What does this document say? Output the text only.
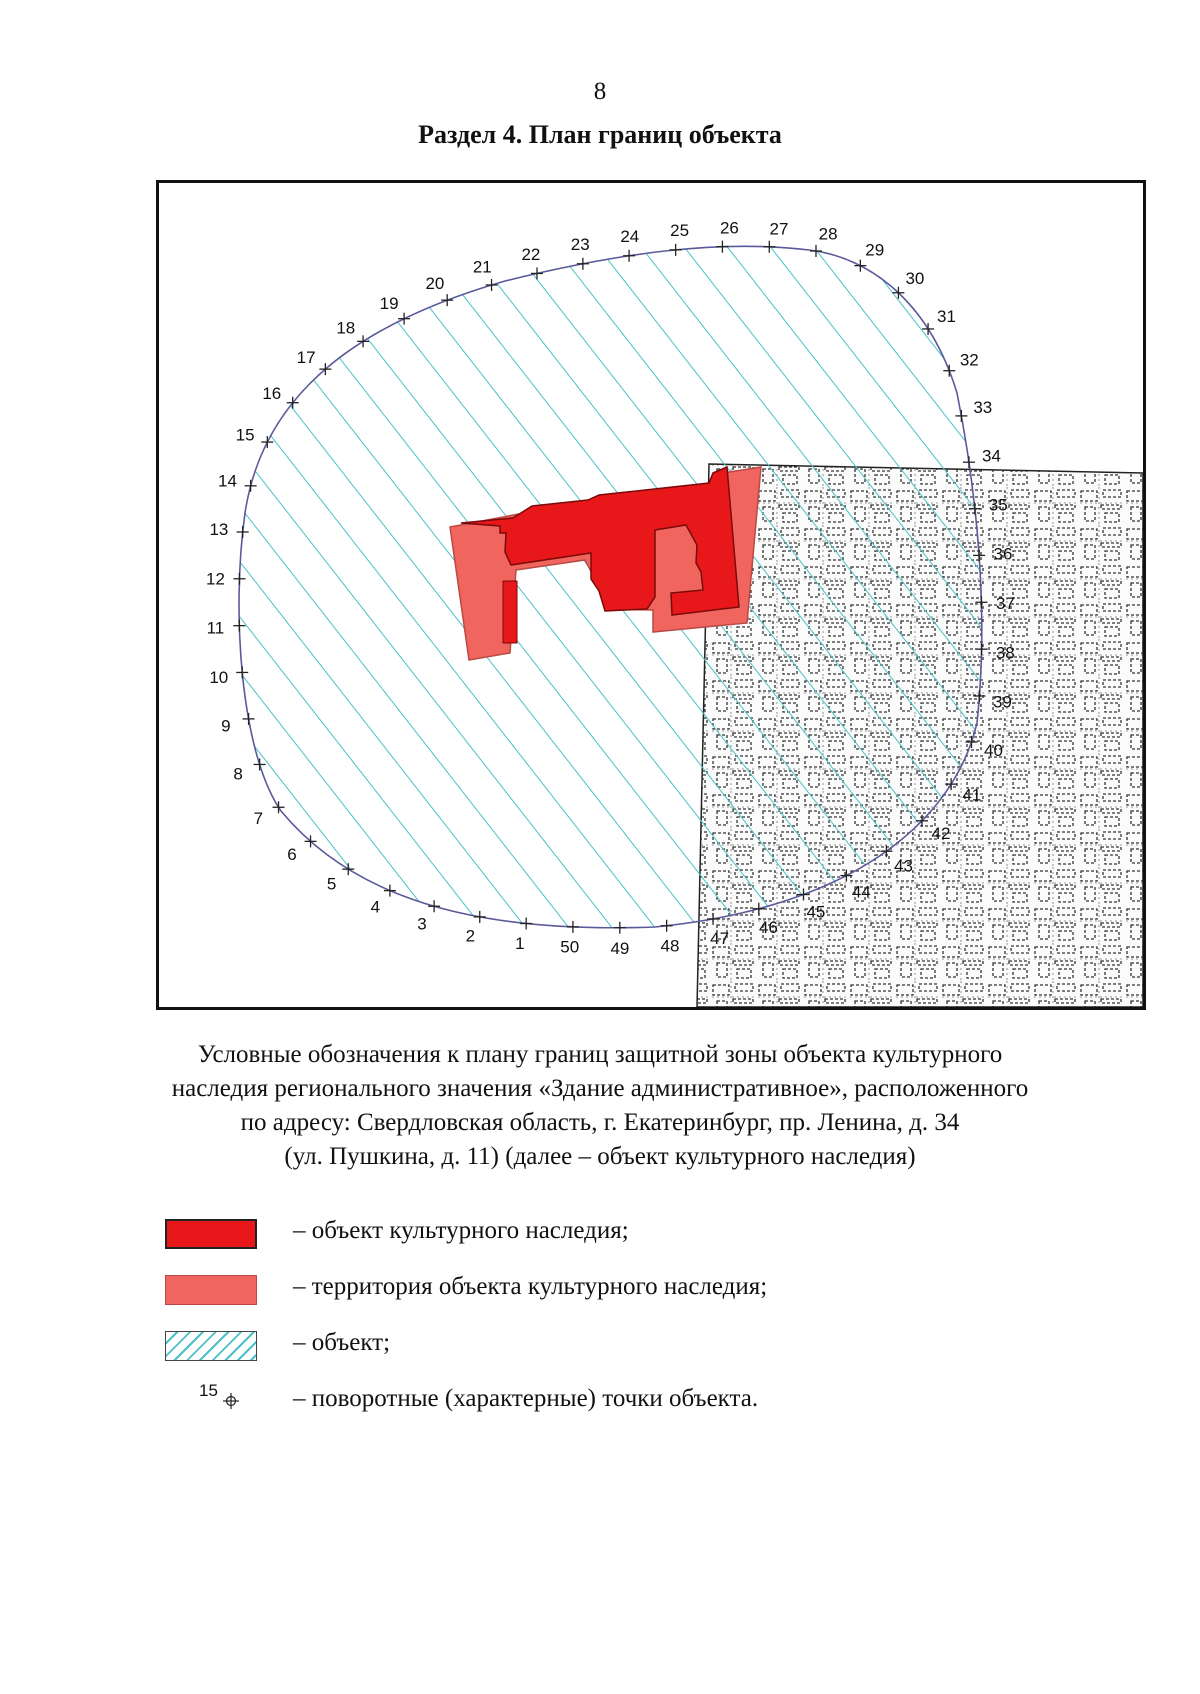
8
Раздел 4. План границ объекта
1
2
3
4
5
6
7
8
9
10
11
12
13
14
15
16
17
18
19
20
21
22
23 24 25 26 27 28
29
30
31
32
33
34
35
36
37
38
39
40
41
42
43
44
45
46
47
48
49
50
Условные обозначения к плану границ защитной зоны объекта культурного
наследия регионального значения «Здание административное», расположенного
по адресу: Свердловская область, г. Екатеринбург, пр. Ленина, д. 34
(ул. Пушкина, д. 11) (далее – объект культурного наследия)
– объект культурного наследия;
– территория объекта культурного наследия;
– объект;
15	– поворотные (характерные) точки объекта.
